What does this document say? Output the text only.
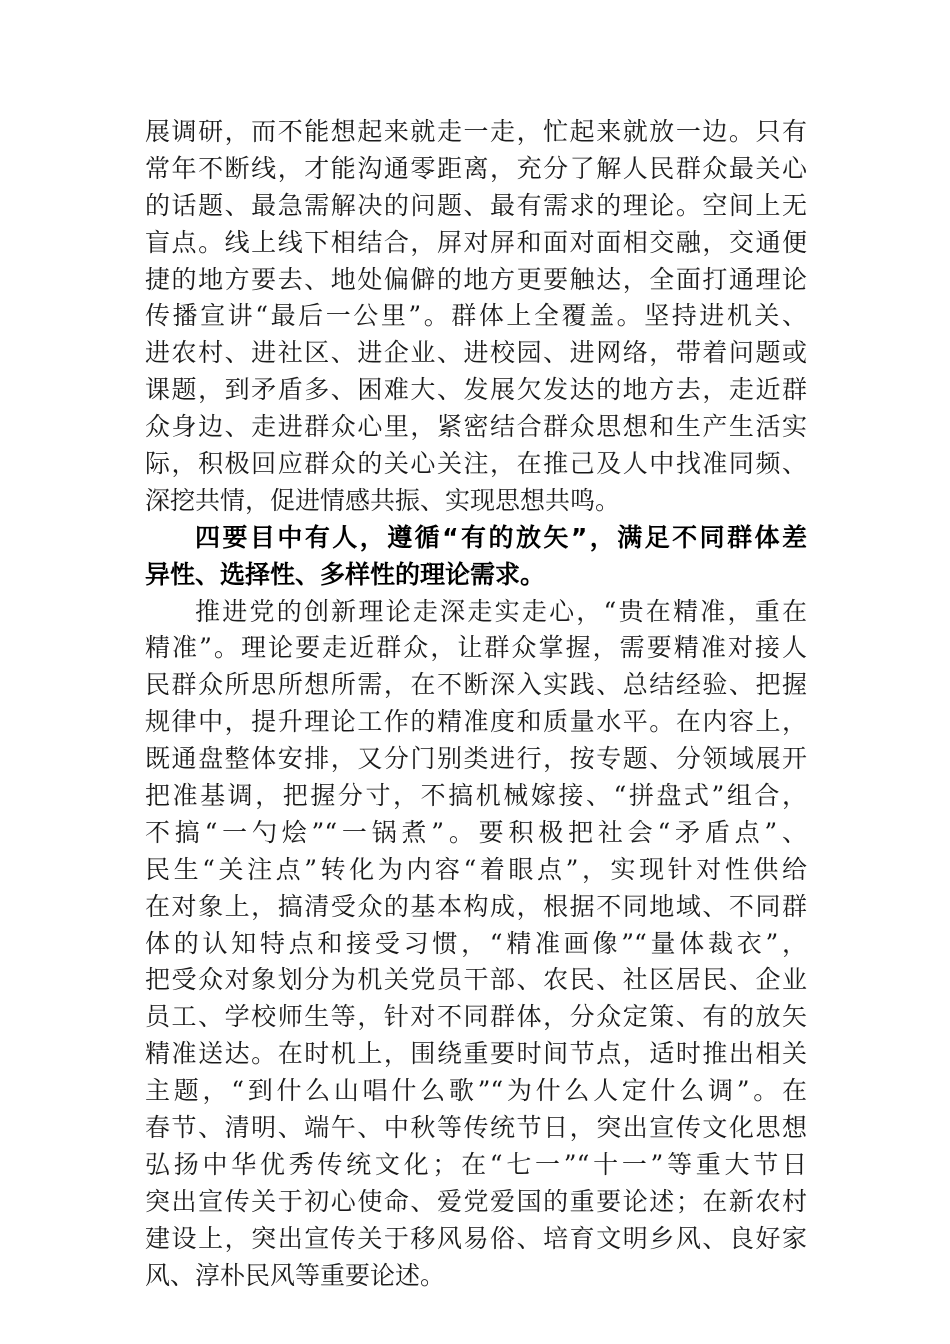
展调研，而不能想起来就走一走，忙起来就放一边。只有
常年不断线，才能沟通零距离，充分了解人民群众最关心
的话题、最急需解决的问题、最有需求的理论。空间上无
盲点。线上线下相结合，屏对屏和面对面相交融，交通便
捷的地方要去、地处偏僻的地方更要触达，全面打通理论
传播宣讲“最后一公里”。群体上全覆盖。坚持进机关、
进农村、进社区、进企业、进校园、进网络，带着问题或
课题，到矛盾多、困难大、发展欠发达的地方去，走近群
众身边、走进群众心里，紧密结合群众思想和生产生活实
际，积极回应群众的关心关注，在推己及人中找准同频、
深挖共情，促进情感共振、实现思想共鸣。
四要目中有人，遵循“有的放矢”，满足不同群体差
异性、选择性、多样性的理论需求。
推进党的创新理论走深走实走心，“贵在精准，重在
精准”。理论要走近群众，让群众掌握，需要精准对接人
民群众所思所想所需，在不断深入实践、总结经验、把握
规律中，提升理论工作的精准度和质量水平。在内容上，
既通盘整体安排，又分门别类进行，按专题、分领域展开
把准基调，把握分寸，不搞机械嫁接、“拼盘式”组合，
不搞“一勺烩”“一锅煮”。要积极把社会“矛盾点”、
民生“关注点”转化为内容“着眼点”，实现针对性供给
在对象上，搞清受众的基本构成，根据不同地域、不同群
体的认知特点和接受习惯，“精准画像”“量体裁衣”，
把受众对象划分为机关党员干部、农民、社区居民、企业
员工、学校师生等，针对不同群体，分众定策、有的放矢
精准送达。在时机上，围绕重要时间节点，适时推出相关
主题，“到什么山唱什么歌”“为什么人定什么调”。在
春节、清明、端午、中秋等传统节日，突出宣传文化思想
弘扬中华优秀传统文化；在“七一”“十一”等重大节日
突出宣传关于初心使命、爱党爱国的重要论述；在新农村
建设上，突出宣传关于移风易俗、培育文明乡风、良好家
风、淳朴民风等重要论述。
